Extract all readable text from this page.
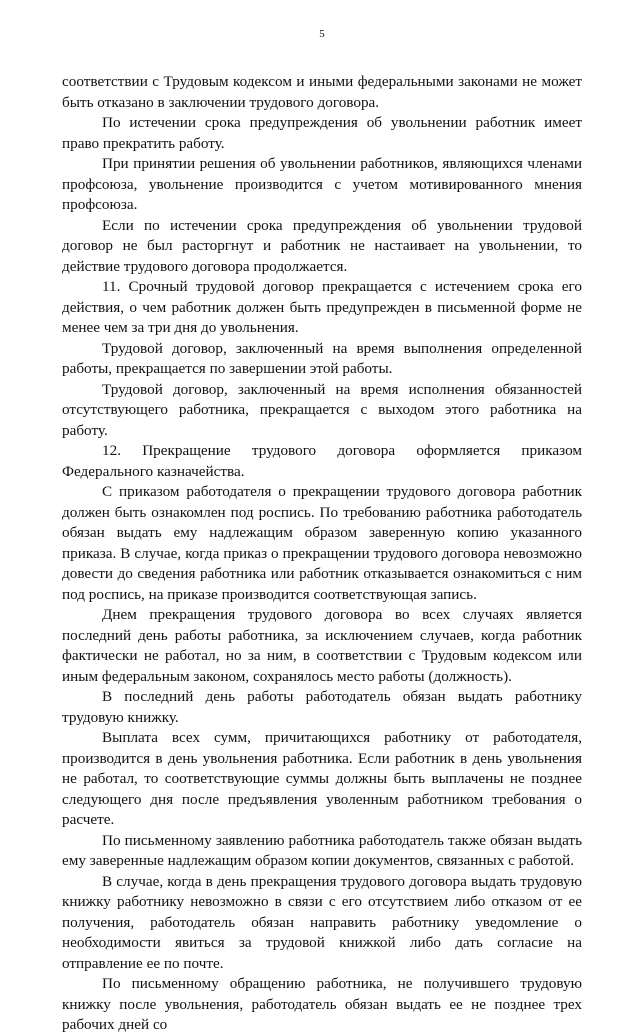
5

соответствии с Трудовым кодексом и иными федеральными законами не может быть отказано в заключении трудового договора.

По истечении срока предупреждения об увольнении работник имеет право прекратить работу.

При принятии решения об увольнении работников, являющихся членами профсоюза, увольнение производится с учетом мотивированного мнения профсоюза.

Если по истечении срока предупреждения об увольнении трудовой договор не был расторгнут и работник не настаивает на увольнении, то действие трудового договора продолжается.

11. Срочный трудовой договор прекращается с истечением срока его действия, о чем работник должен быть предупрежден в письменной форме не менее чем за три дня до увольнения.

Трудовой договор, заключенный на время выполнения определенной работы, прекращается по завершении этой работы.

Трудовой договор, заключенный на время исполнения обязанностей отсутствующего работника, прекращается с выходом этого работника на работу.

12. Прекращение трудового договора оформляется приказом Федерального казначейства.

С приказом работодателя о прекращении трудового договора работник должен быть ознакомлен под роспись. По требованию работника работодатель обязан выдать ему надлежащим образом заверенную копию указанного приказа. В случае, когда приказ о прекращении трудового договора невозможно довести до сведения работника или работник отказывается ознакомиться с ним под роспись, на приказе производится соответствующая запись.

Днем прекращения трудового договора во всех случаях является последний день работы работника, за исключением случаев, когда работник фактически не работал, но за ним, в соответствии с Трудовым кодексом или иным федеральным законом, сохранялось место работы (должность).

В последний день работы работодатель обязан выдать работнику трудовую книжку.

Выплата всех сумм, причитающихся работнику от работодателя, производится в день увольнения работника. Если работник в день увольнения не работал, то соответствующие суммы должны быть выплачены не позднее следующего дня после предъявления уволенным работником требования о расчете.

По письменному заявлению работника работодатель также обязан выдать ему заверенные надлежащим образом копии документов, связанных с работой.

В случае, когда в день прекращения трудового договора выдать трудовую книжку работнику невозможно в связи с его отсутствием либо отказом от ее получения, работодатель обязан направить работнику уведомление о необходимости явиться за трудовой книжкой либо дать согласие на отправление ее по почте.

По письменному обращению работника, не получившего трудовую книжку после увольнения, работодатель обязан выдать ее не позднее трех рабочих дней со
